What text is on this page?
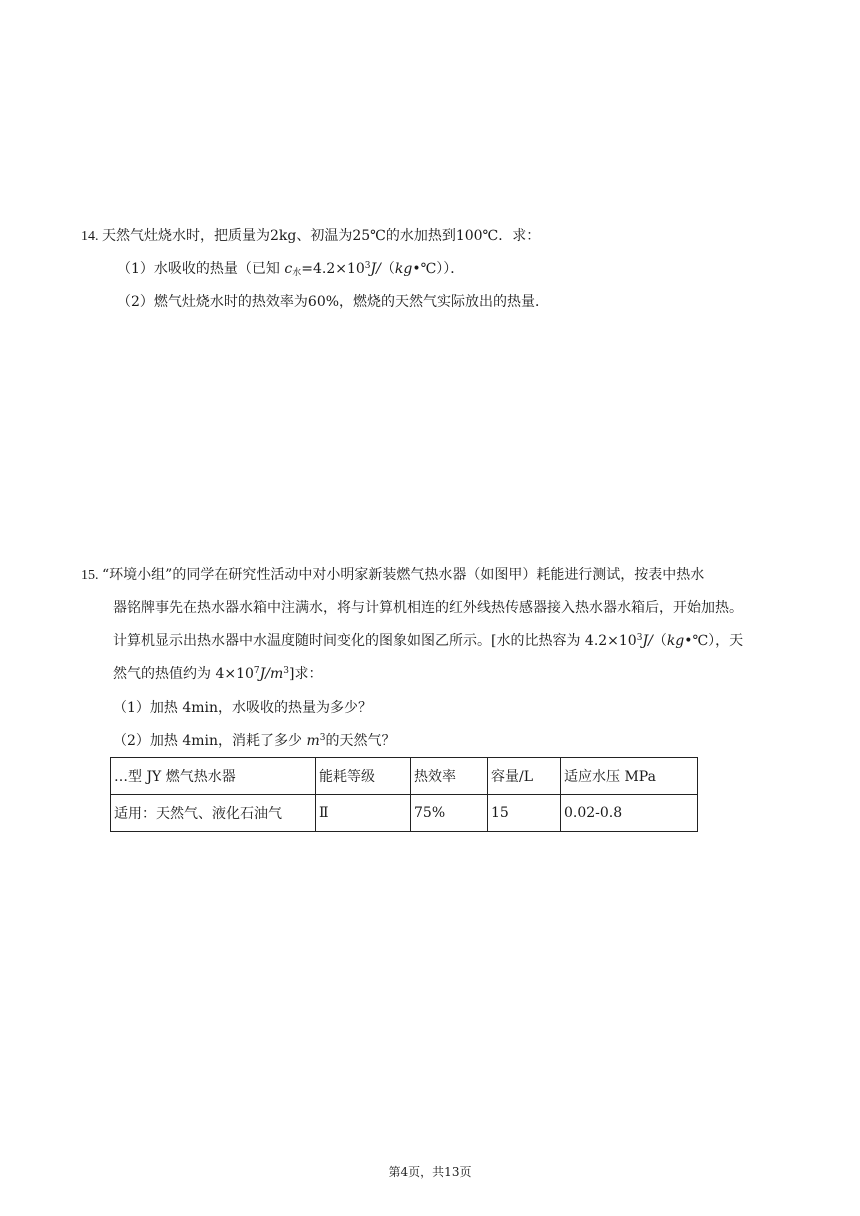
14. 天然气灶烧水时，把质量为2kg、初温为25℃的水加热到100℃．求：
（1）水吸收的热量（已知 $c_水=4.2\times 10^3J/(kg•℃)$）．
（2）燃气灶烧水时的热效率为60%，燃烧的天然气实际放出的热量．
15. “环境小组”的同学在研究性活动中对小明家新装燃气热水器（如图甲）耗能进行测试，按表中热水
器铭牌事先在热水器水箱中注满水，将与计算机相连的红外线热传感器接入热水器水箱后，开始加热。
计算机显示出热水器中水温度随时间变化的图象如图乙所示。[水的比热容为 $4.2\times 10^3J/(kg•℃)$，天
然气的热值约为 $4\times 10^7J/m^3$]求：
（1）加热 4min，水吸收的热量为多少？
（2）加热 4min，消耗了多少 $m^3$的天然气？
…型 JY 燃气热水器	能耗等级	热效率	容量/L	适应水压 MPa
适用：天然气、液化石油气	Ⅱ	75%	15	0.02-0.8
第4页，共13页
